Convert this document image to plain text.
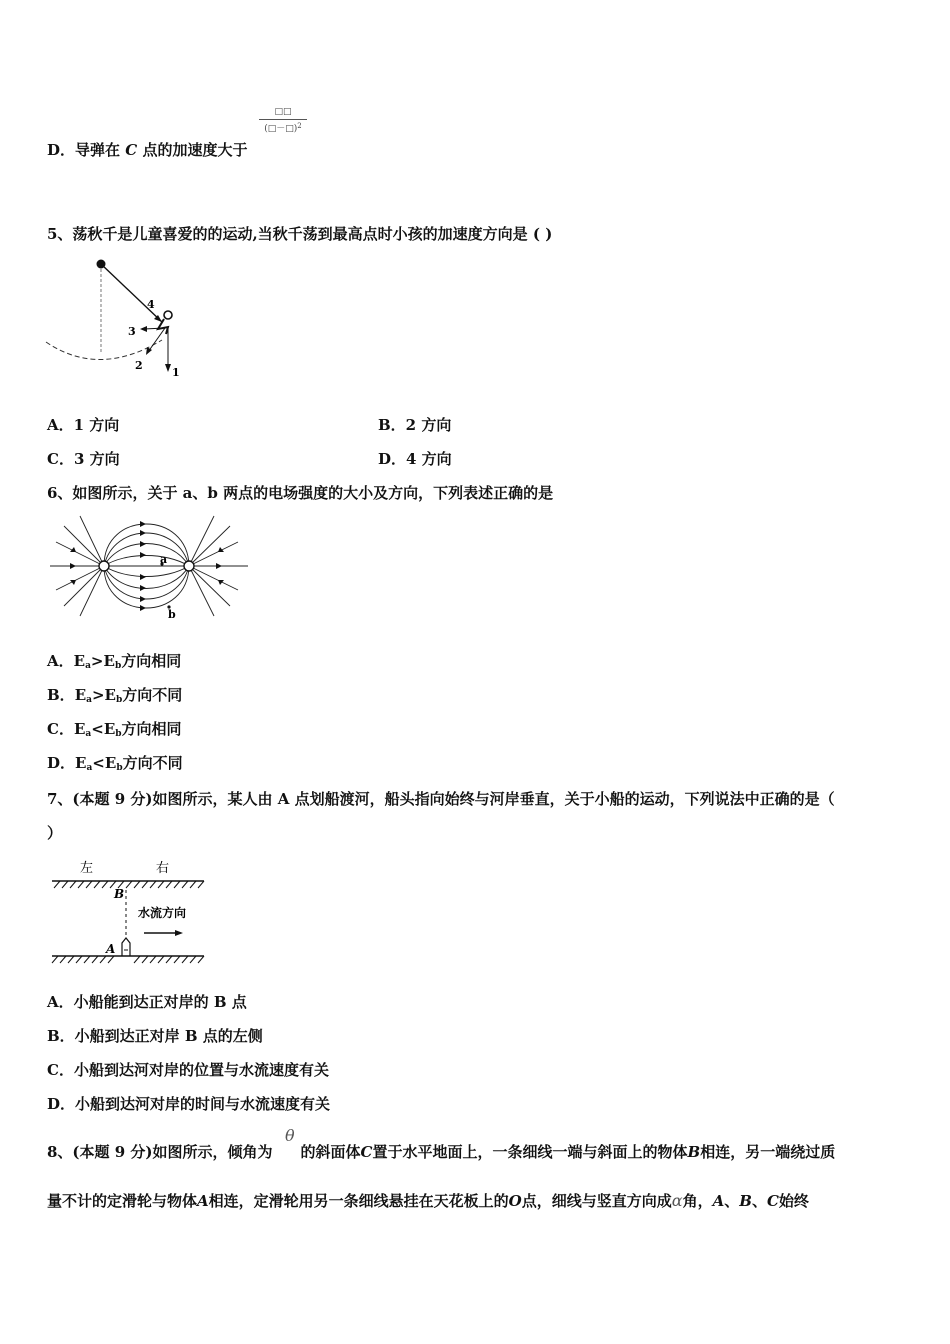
D．导弹在 C 点的加速度大于
□□
(□－□)$^2$
5、荡秋千是儿童喜爱的的运动,当秋千荡到最高点时小孩的加速度方向是 ( )
4
3
2
1
A．1 方向	B．2 方向
C．3 方向	D．4 方向
6、如图所示，关于 a、b 两点的电场强度的大小及方向，下列表述正确的是
a
b
A．$E_a>E_b$方向相同
B．$E_a>E_b$方向不同
C．$E_a<E_b$方向相同
D．$E_a<E_b$方向不同
7、(本题 9 分)如图所示，某人由 A 点划船渡河，船头指向始终与河岸垂直，关于小船的运动，下列说法中正确的是（
）
左	右
B
水流方向
A
A．小船能到达正对岸的 B 点
B．小船到达正对岸 B 点的左侧
C．小船到达河对岸的位置与水流速度有关
D．小船到达河对岸的时间与水流速度有关
8、(本题 9 分)如图所示，倾角为 的斜面体C置于水平地面上，一条细线一端与斜面上的物体B相连，另一端绕过质
θ
量不计的定滑轮与物体A相连，定滑轮用另一条细线悬挂在天花板上的O点，细线与竖直方向成α角，A、B、C始终
